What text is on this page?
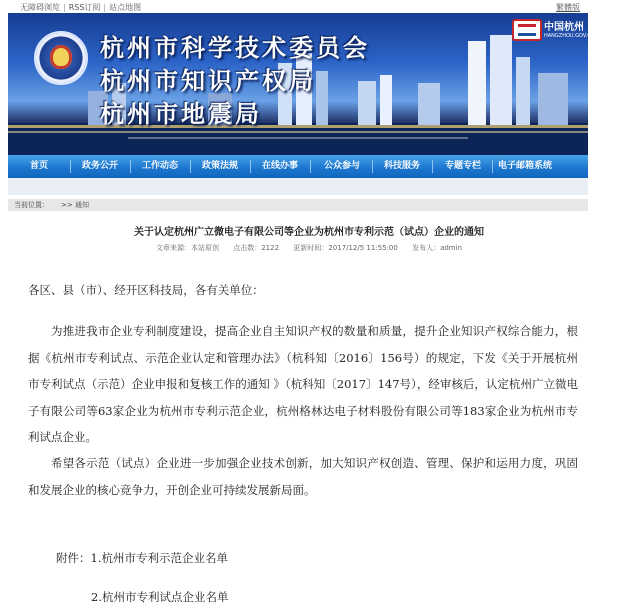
无障碍浏览 | RSS订阅 | 站点地图	繁體版
杭州市科学技术委员会
杭州市知识产权局
杭州市地震局
中国杭州
HANGZHOU.GOV.CN
首页	政务公开	工作动态	政策法规	在线办事	公众参与	科技服务	专题专栏 电子邮箱系统
当前位置： >> 通知
关于认定杭州广立微电子有限公司等企业为杭州市专利示范（试点）企业的通知
文章来源：本站原创 点击数：2122 更新时间：2017/12/5 11:55:00 发布人：admin
各区、县（市）、经开区科技局，各有关单位：
为推进我市企业专利制度建设，提高企业自主知识产权的数量和质量，提升企业知识产权综合能力，根据《杭州市专利试点、示范企业认定和管理办法》（杭科知〔2016〕156号）的规定，下发《关于开展杭州市专利试点（示范）企业申报和复核工作的通知 》（杭科知〔2017〕147号），经审核后，认定杭州广立微电子有限公司等63家企业为杭州市专利示范企业，杭州格林达电子材料股份有限公司等183家企业为杭州市专利试点企业。
希望各示范（试点）企业进一步加强企业技术创新，加大知识产权创造、管理、保护和运用力度，巩固和发展企业的核心竞争力，开创企业可持续发展新局面。
附件：1.杭州市专利示范企业名单
2.杭州市专利试点企业名单
